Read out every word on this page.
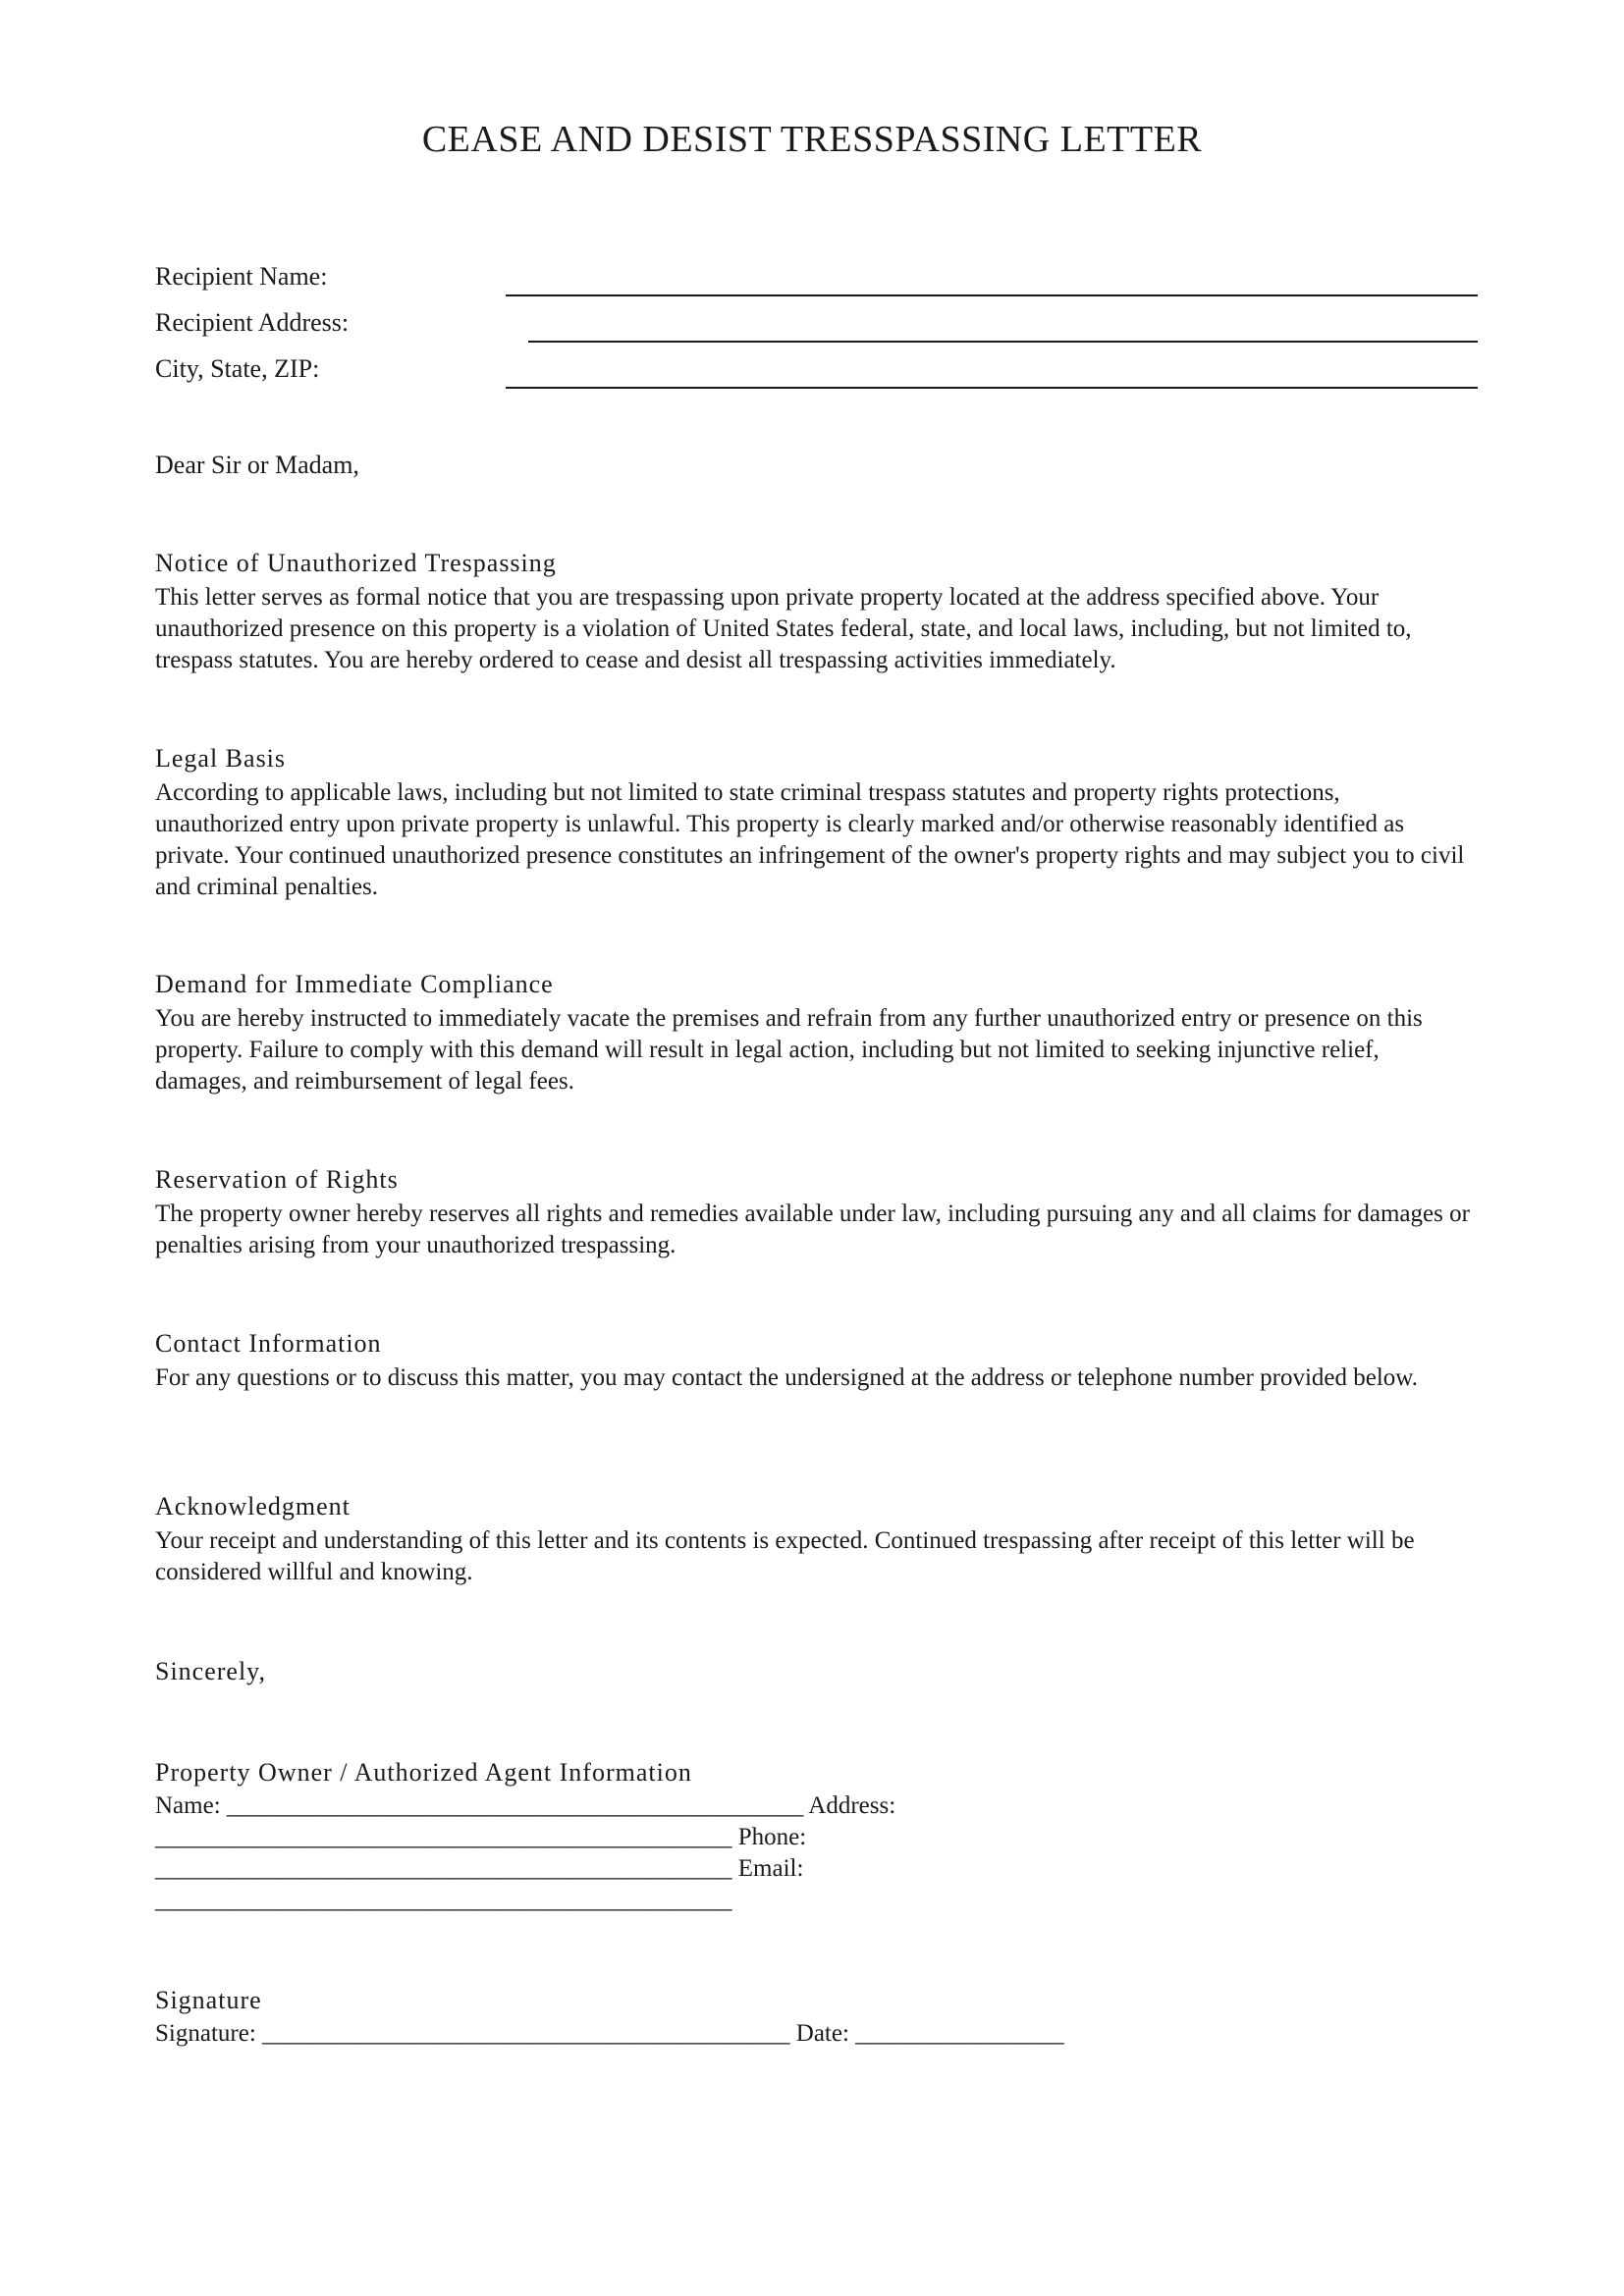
CEASE AND DESIST TRESSPASSING LETTER
Recipient Name:
Recipient Address:
City, State, ZIP:
Dear Sir or Madam,
Notice of Unauthorized Trespassing
This letter serves as formal notice that you are trespassing upon private property located at the address specified above. Your unauthorized presence on this property is a violation of United States federal, state, and local laws, including, but not limited to, trespass statutes. You are hereby ordered to cease and desist all trespassing activities immediately.
Legal Basis
According to applicable laws, including but not limited to state criminal trespass statutes and property rights protections, unauthorized entry upon private property is unlawful. This property is clearly marked and/or otherwise reasonably identified as private. Your continued unauthorized presence constitutes an infringement of the owner's property rights and may subject you to civil and criminal penalties.
Demand for Immediate Compliance
You are hereby instructed to immediately vacate the premises and refrain from any further unauthorized entry or presence on this property. Failure to comply with this demand will result in legal action, including but not limited to seeking injunctive relief, damages, and reimbursement of legal fees.
Reservation of Rights
The property owner hereby reserves all rights and remedies available under law, including pursuing any and all claims for damages or penalties arising from your unauthorized trespassing.
Contact Information
For any questions or to discuss this matter, you may contact the undersigned at the address or telephone number provided below.
Acknowledgment
Your receipt and understanding of this letter and its contents is expected. Continued trespassing after receipt of this letter will be considered willful and knowing.
Sincerely,
Property Owner / Authorized Agent Information
Name: _______________________________________________ Address:
_______________________________________________ Phone:
_______________________________________________ Email:
_______________________________________________
Signature
Signature: ___________________________________________ Date: _________________
